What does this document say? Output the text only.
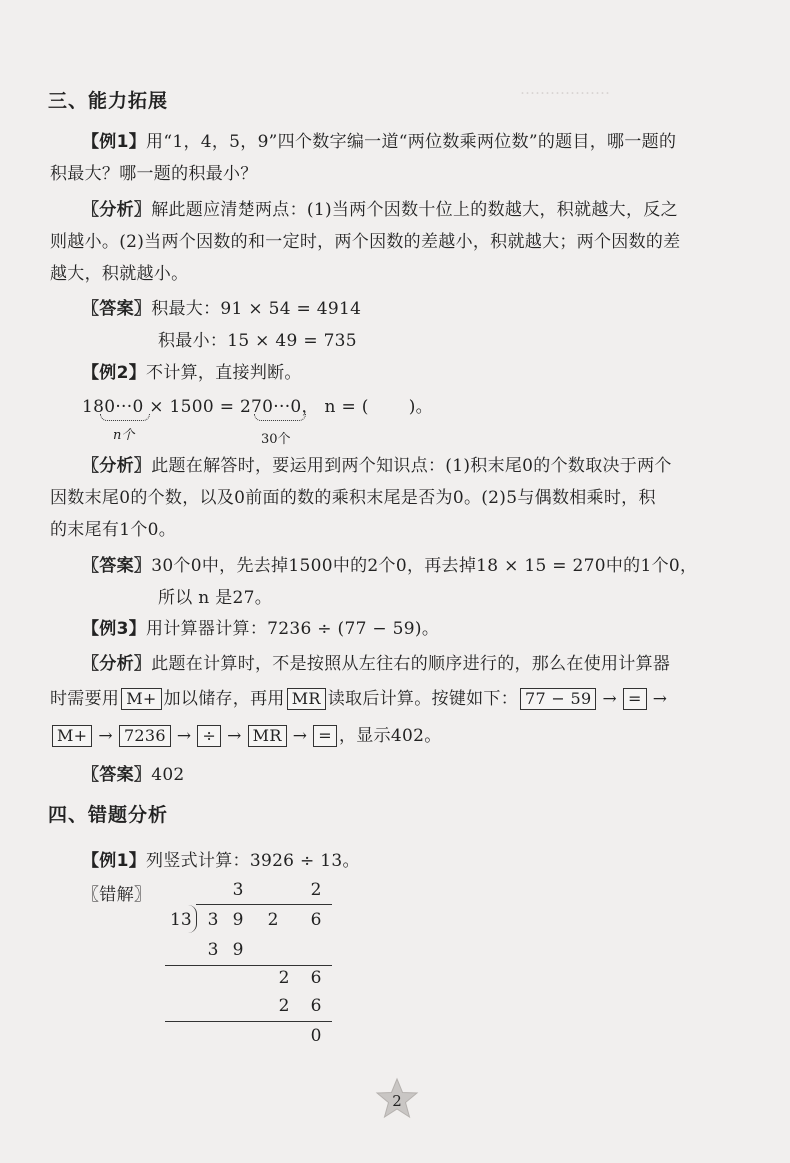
………………
三、能力拓展
【例1】用“1，4，5，9”四个数字编一道“两位数乘两位数”的题目，哪一题的
积最大？哪一题的积最小？
〖分析〗解此题应清楚两点：(1)当两个因数十位上的数越大，积就越大，反之
则越小。(2)当两个因数的和一定时，两个因数的差越小，积就越大；两个因数的差
越大，积就越小。
〖答案〗积最大：91 × 54 = 4914
积最小：15 × 49 = 735
【例2】不计算，直接判断。
180···0 × 1500 = 270···0， n = ( )。
n个	30个
〖分析〗此题在解答时，要运用到两个知识点：(1)积末尾0的个数取决于两个
因数末尾0的个数，以及0前面的数的乘积末尾是否为0。(2)5与偶数相乘时，积
的末尾有1个0。
〖答案〗30个0中，先去掉1500中的2个0，再去掉18 × 15 = 270中的1个0，
所以 n 是27。
【例3】用计算器计算：7236 ÷ (77 − 59)。
〖分析〗此题在计算时，不是按照从左往右的顺序进行的，那么在使用计算器
时需要用 M+ 加以储存，再用 MR 读取后计算。按键如下： 77 − 59 → = →
M+ → 7236 → ÷ → MR → = ，显示402。
〖答案〗402
四、错题分析
【例1】列竖式计算：3926 ÷ 13。
〖错解〗	3	2
13 3 9 2 6
3 9
2 6
2 6
0
2
